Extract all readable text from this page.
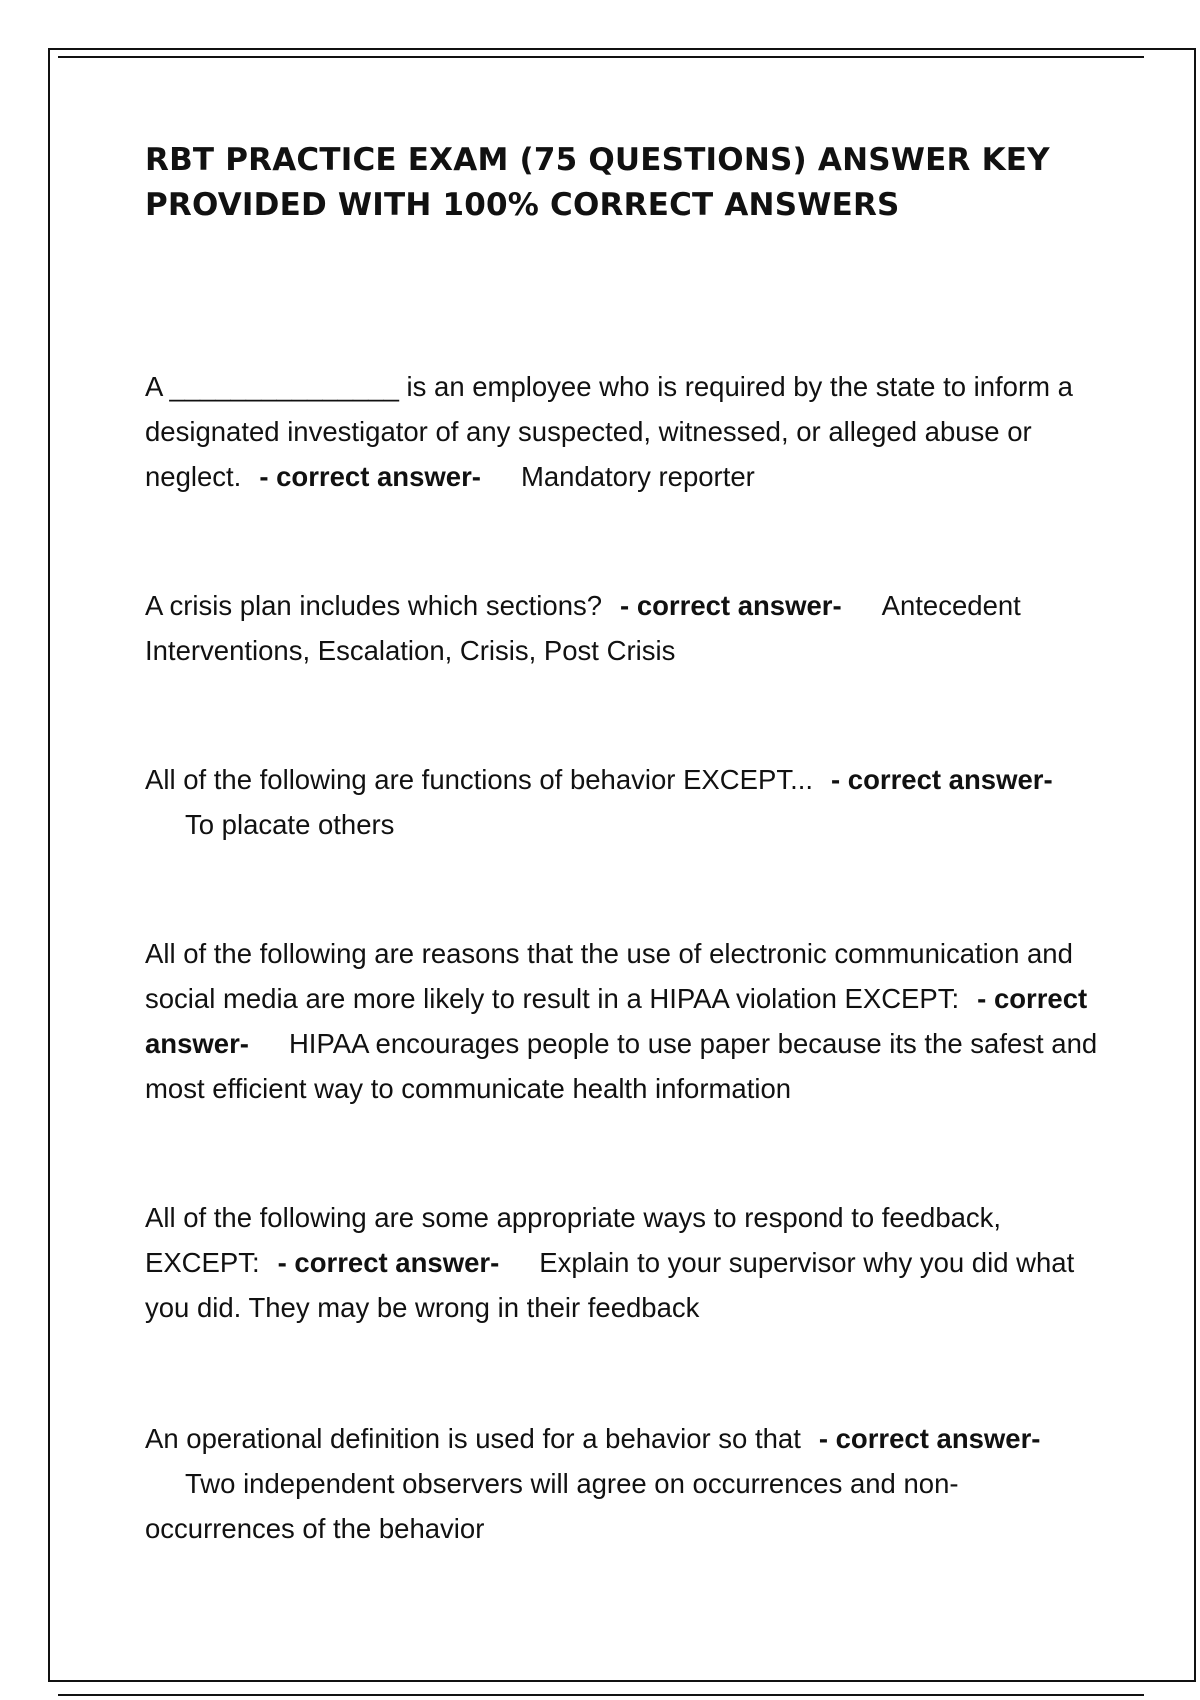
RBT PRACTICE EXAM (75 QUESTIONS) ANSWER KEY PROVIDED WITH 100% CORRECT ANSWERS

A _______________ is an employee who is required by the state to inform a designated investigator of any suspected, witnessed, or alleged abuse or neglect. - correct answer- Mandatory reporter

A crisis plan includes which sections? - correct answer- Antecedent Interventions, Escalation, Crisis, Post Crisis

All of the following are functions of behavior EXCEPT... - correct answer-To placate others

All of the following are reasons that the use of electronic communication and social media are more likely to result in a HIPAA violation EXCEPT: - correct answer- HIPAA encourages people to use paper because its the safest and most efficient way to communicate health information

All of the following are some appropriate ways to respond to feedback, EXCEPT: - correct answer- Explain to your supervisor why you did what you did. They may be wrong in their feedback

An operational definition is used for a behavior so that - correct answer-Two independent observers will agree on occurrences and non-occurrences of the behavior
